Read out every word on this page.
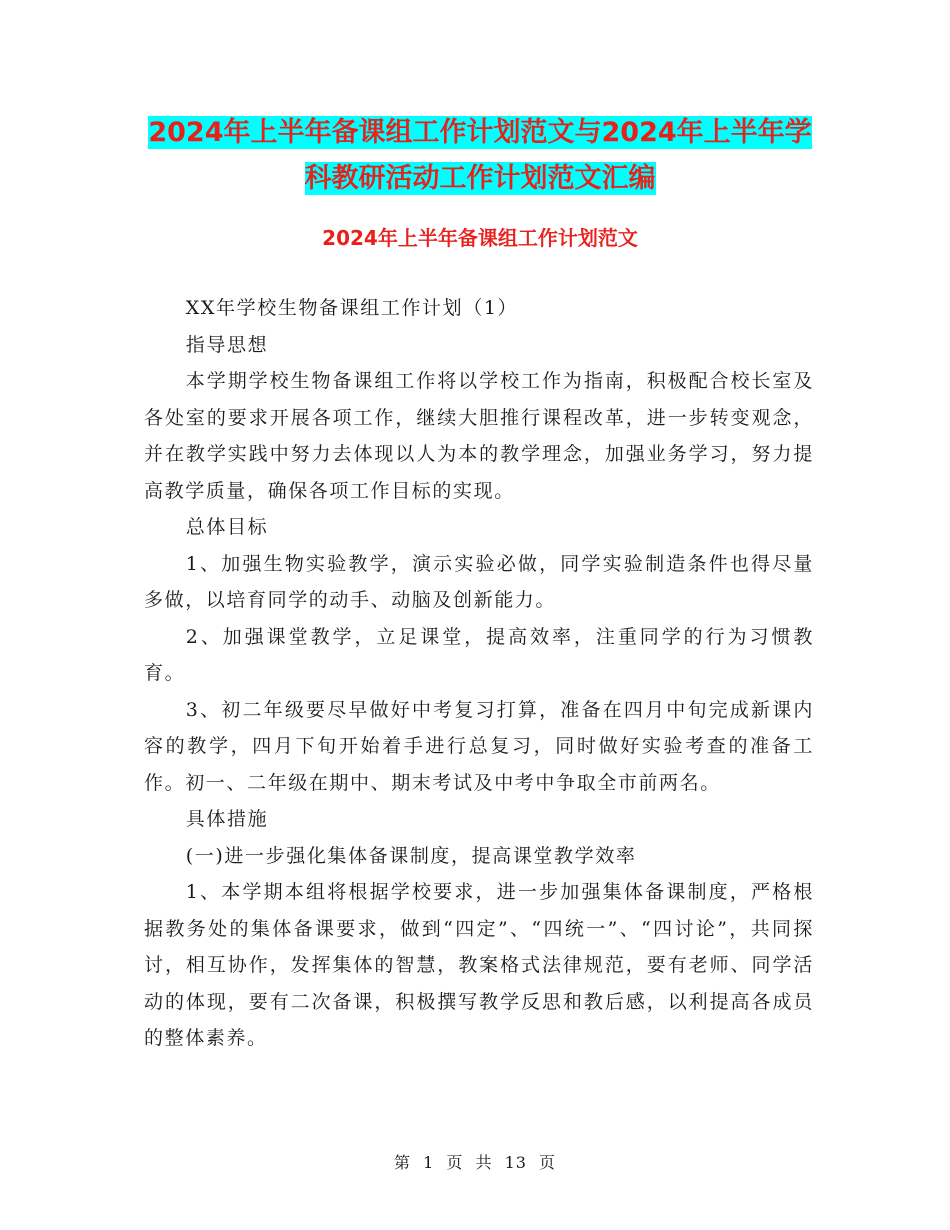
2024年上半年备课组工作计划范文与2024年上半年学
科教研活动工作计划范文汇编
2024年上半年备课组工作计划范文

XX年学校生物备课组工作计划（1）

指导思想

本学期学校生物备课组工作将以学校工作为指南，积极配合校长室及各处室的要求开展各项工作，继续大胆推行课程改革，进一步转变观念，并在教学实践中努力去体现以人为本的教学理念，加强业务学习，努力提高教学质量，确保各项工作目标的实现。

总体目标

1、加强生物实验教学，演示实验必做，同学实验制造条件也得尽量多做，以培育同学的动手、动脑及创新能力。

2、加强课堂教学，立足课堂，提高效率，注重同学的行为习惯教育。

3、初二年级要尽早做好中考复习打算，准备在四月中旬完成新课内容的教学，四月下旬开始着手进行总复习，同时做好实验考查的准备工作。初一、二年级在期中、期末考试及中考中争取全市前两名。

具体措施

(一)进一步强化集体备课制度，提高课堂教学效率

1、本学期本组将根据学校要求，进一步加强集体备课制度，严格根据教务处的集体备课要求，做到“四定”、“四统一”、“四讨论”，共同探讨，相互协作，发挥集体的智慧，教案格式法律规范，要有老师、同学活动的体现，要有二次备课，积极撰写教学反思和教后感，以利提高各成员的整体素养。

第 1 页 共 13 页
